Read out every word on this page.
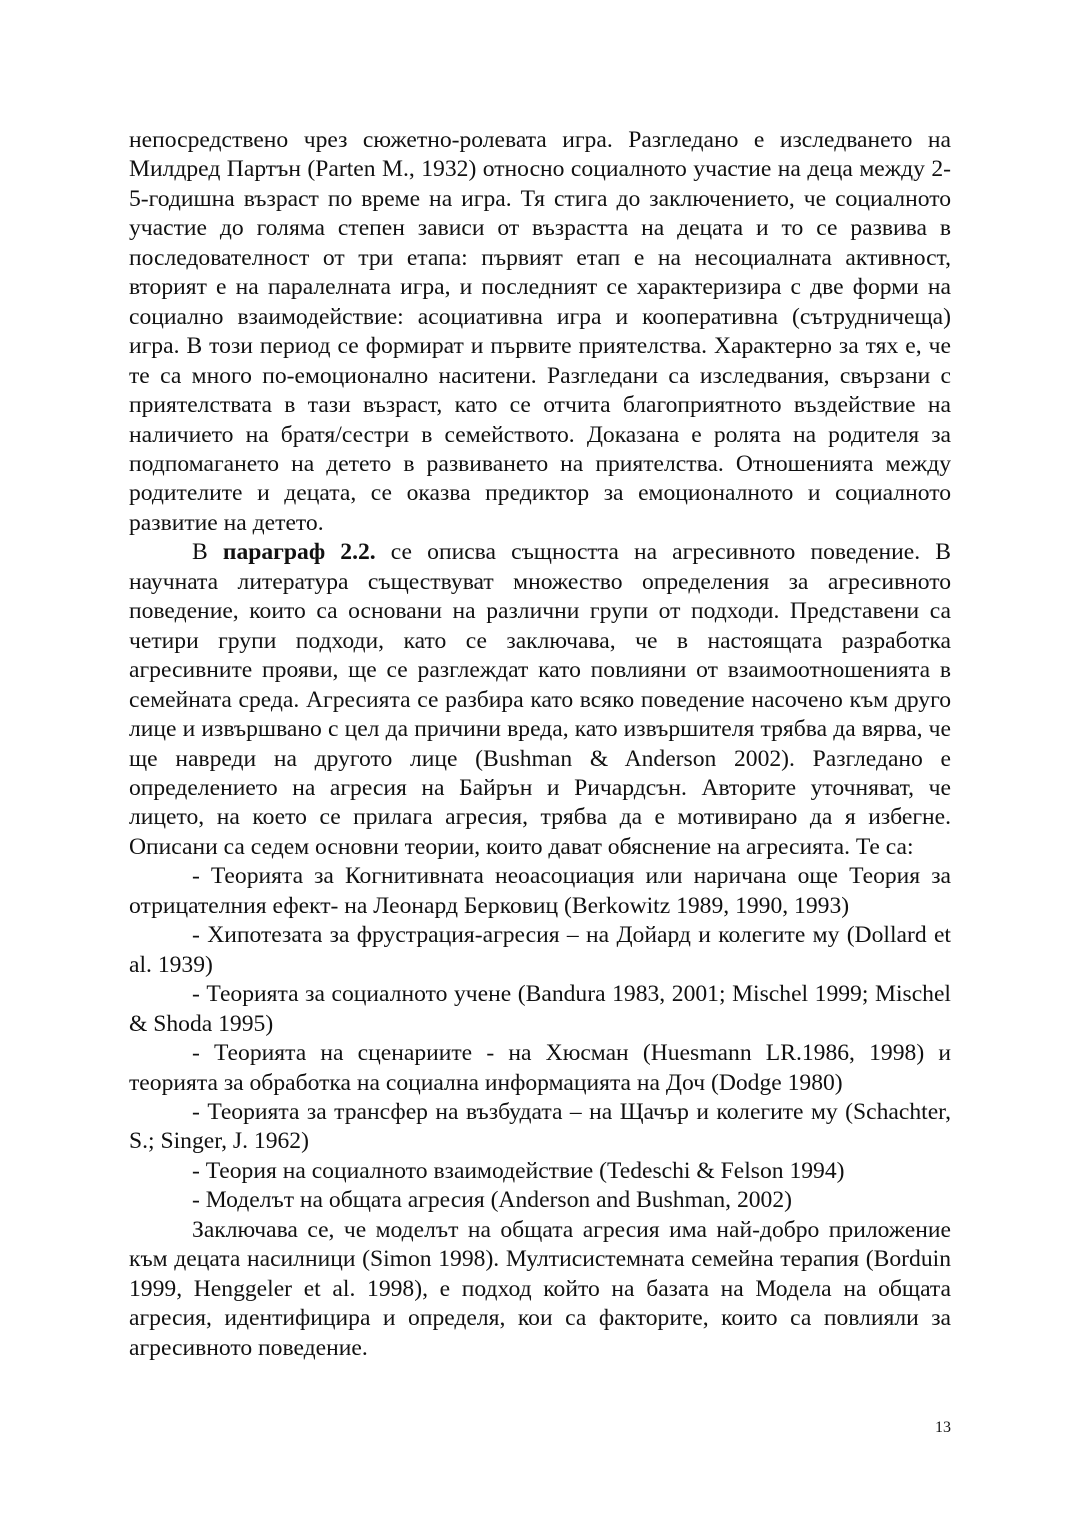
непосредствено чрез сюжетно-ролевата игра. Разгледано е изследването на Милдред Партън (Parten M., 1932) относно социалното участие на деца между 2-5-годишна възраст по време на игра. Тя стига до заключението, че социалното участие до голяма степен зависи от възрастта на децата и то се развива в последователност от три етапа: първият етап е на несоциалната активност, вторият е на паралелната игра, и последният се характеризира с две форми на социално взаимодействие: асоциативна игра и кооперативна (сътрудничеща) игра. В този период се формират и първите приятелства. Характерно за тях е, че те са много по-емоционално наситени. Разгледани са изследвания, свързани с приятелствата в тази възраст, като се отчита благоприятното въздействие на наличието на братя/сестри в семейството. Доказана е ролята на родителя за подпомагането на детето в развиването на приятелства. Отношенията между родителите и децата, се оказва предиктор за емоционалното и социалното развитие на детето.

В параграф 2.2. се описва същността на агресивното поведение. В научната литература съществуват множество определения за агресивното поведение, които са основани на различни групи от подходи. Представени са четири групи подходи, като се заключава, че в настоящата разработка агресивните прояви, ще се разглеждат като повлияни от взаимоотношенията в семейната среда. Агресията се разбира като всяко поведение насочено към друго лице и извършвано с цел да причини вреда, като извършителя трябва да вярва, че ще навреди на другото лице (Bushman & Anderson 2002). Разгледано е определението на агресия на Байрън и Ричардсън. Авторите уточняват, че лицето, на което се прилага агресия, трябва да е мотивирано да я избегне. Описани са седем основни теории, които дават обяснение на агресията. Те са:

- Теорията за Когнитивната неоасоциация или наричана още Теория за отрицателния ефект- на Леонард Берковиц (Berkowitz 1989, 1990, 1993)

- Хипотезата за фрустрация-агресия – на Дойард и колегите му (Dollard et al. 1939)

- Теорията за социалното учене (Bandura 1983, 2001; Mischel 1999; Mischel & Shoda 1995)

- Теорията на сценариите - на Хюсман (Huesmann LR.1986, 1998) и теорията за обработка на социална информацията на Доч (Dodge 1980)

- Теорията за трансфер на възбудата – на Щачър и колегите му (Schachter, S.; Singer, J. 1962)

- Теория на социалното взаимодействие (Tedeschi & Felson 1994)

- Моделът на общата агресия (Anderson and Bushman, 2002)

Заключава се, че моделът на общата агресия има най-добро приложение към децата насилници (Simon 1998). Мултисистемната семейна терапия (Borduin 1999, Henggeler et al. 1998), е подход който на базата на Модела на общата агресия, идентифицира и определя, кои са факторите, които са повлияли за агресивното поведение.

13
